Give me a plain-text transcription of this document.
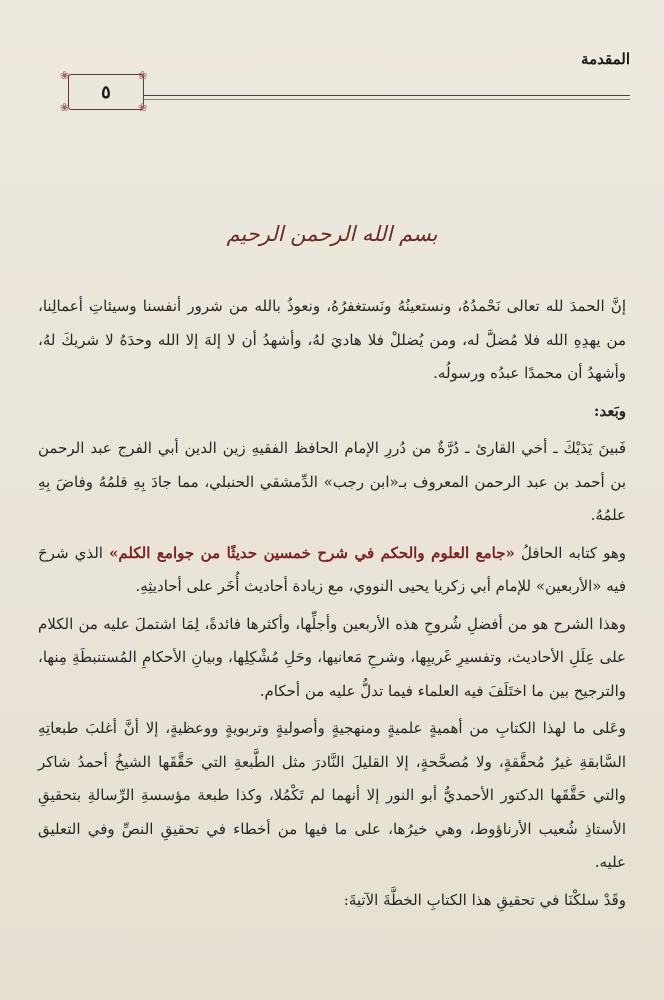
المقدمة
٥
❀	❀
❀	❀
بسم الله الرحمن الرحيم

إنَّ الحمدَ لله تعالى نَحْمدُهُ، ونستعينُهُ ونَستغفرُهُ، ونعوذُ بالله من شرور أنفسنا وسيئاتِ أعمالِنا، من يهدِهِ الله فلا مُضلَّ له، ومن يُضللْ فلا هاديَ لهُ، وأشهدُ أن لا إلهَ إلا الله وحدَهُ لا شريكَ لهُ، وأشهدُ أن محمدًا عبدُه ورسولُه.

وبَعد:

فَبينَ يَدَيْكَ ـ أخي القارئ ـ دُرَّةٌ من دُررِ الإمام الحافظ الفقيهِ زين الدين أبي الفرج عبد الرحمن بن أحمد بن عبد الرحمن المعروف بـ«ابن رجب» الدِّمشقي الحنبلي، مما جادَ بِهِ قلمُهُ وفاضَ بِهِ علمُهُ.

وهو كتابه الحافلُ «جامع العلوم والحكم في شرح خمسين حديثًا من جوامع الكلم» الذي شرحَ فيه «الأربعين» للإمام أبي زكريا يحيى النووي، مع زيادة أحاديث أُخَر على أحاديثِهِ.

وهذا الشرح هو من أفضلِ شُروحِ هذه الأربعين وأجلِّها، وأكثرها فائدةً، لِمَا اشتملَ عليه من الكلام على عِلَلِ الأحاديث، وتفسيرِ غَريبِها، وشرحِ مَعانيها، وحَلِ مُشْكِلِها، وبيانِ الأحكامِ المُستنبطَةِ مِنها، والترجيح بين ما اختَلَفَ فيه العلماء فيما تدلُّ عليه من أحكام.

وعَلى ما لهذا الكتابِ من أهميةٍ علميةٍ ومنهجيةٍ وأصوليةٍ وتربويةٍ ووعظيةٍ، إلا أنَّ أغلبَ طبعاتِهِ السَّابقةِ غيرُ مُحقَّقةٍ، ولا مُصحَّحةٍ، إلا القليلَ النَّادرَ مثل الطَّبعةِ التي حَقَّقَها الشيخُ أحمدُ شاكر والتي حَقَّقَها الدكتور الأحمديُّ أبو النور إلا أنهما لم تَكْمُلا، وكذا طبعة مؤسسةِ الرِّسالةِ بتحقيقِ الأستاذِ شُعيب الأرناؤوط، وهي خيرُها، على ما فيها من أخطاء في تحقيقِ النصِّ وفي التعليق عليه.

وقَدْ سلكْنَا في تحقيقِ هذا الكتابِ الخطَّةَ الآتيةَ:
